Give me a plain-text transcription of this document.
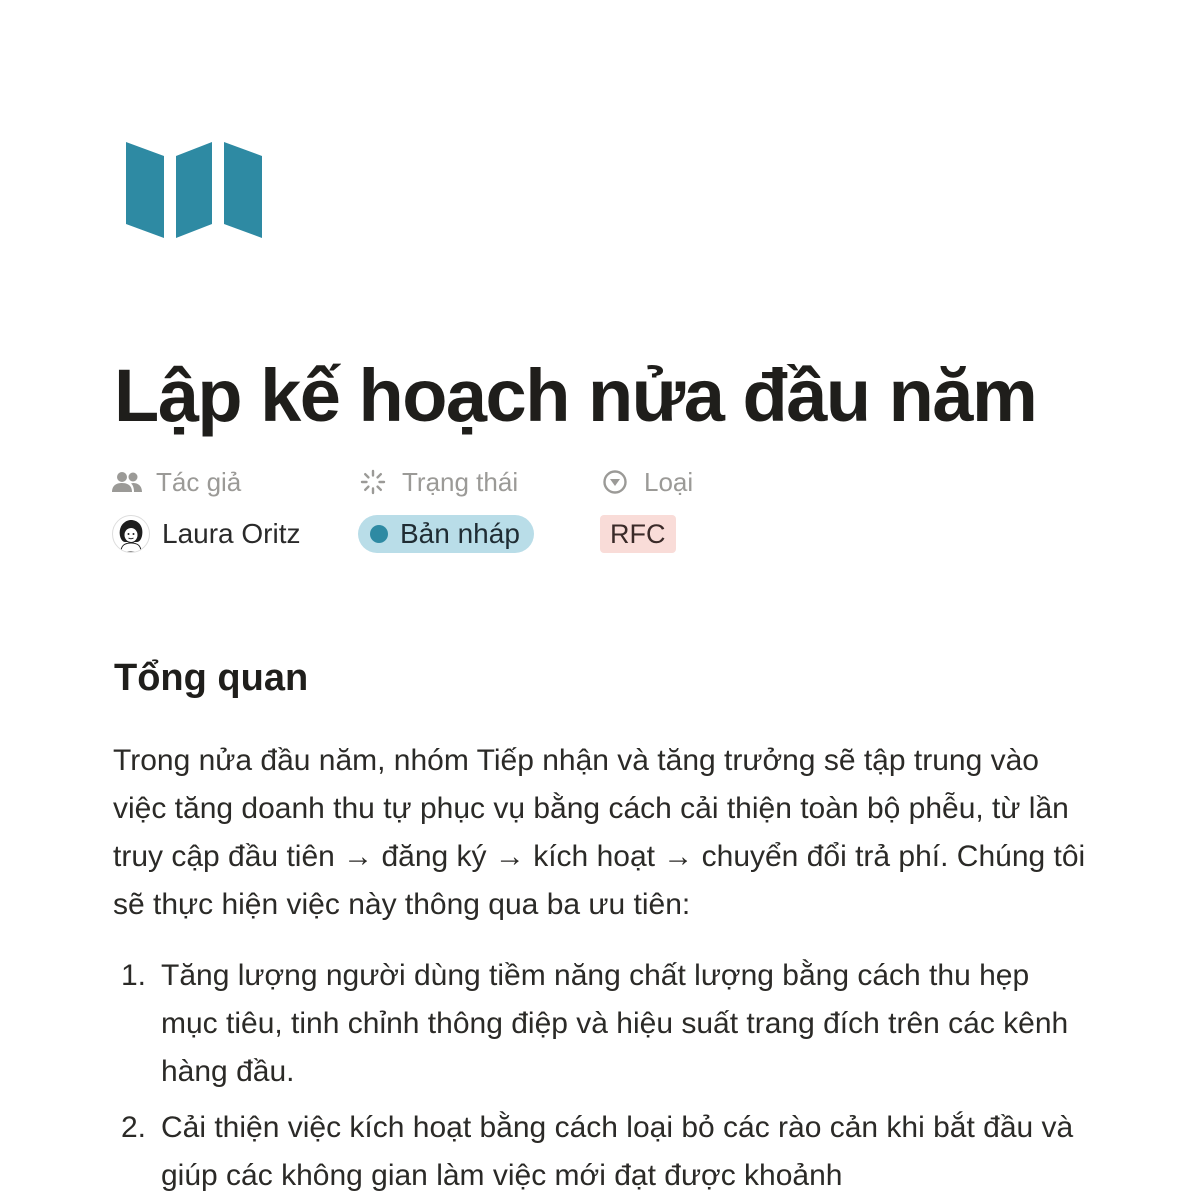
Lập kế hoạch nửa đầu năm
Tác giả
Laura Oritz
Trạng thái
Bản nháp
Loại
RFC
Tổng quan

Trong nửa đầu năm, nhóm Tiếp nhận và tăng trưởng sẽ tập trung vào việc tăng doanh thu tự phục vụ bằng cách cải thiện toàn bộ phễu, từ lần truy cập đầu tiên → đăng ký → kích hoạt → chuyển đổi trả phí. Chúng tôi sẽ thực hiện việc này thông qua ba ưu tiên:

1. Tăng lượng người dùng tiềm năng chất lượng bằng cách thu hẹp mục tiêu, tinh chỉnh thông điệp và hiệu suất trang đích trên các kênh hàng đầu.
2. Cải thiện việc kích hoạt bằng cách loại bỏ các rào cản khi bắt đầu và giúp các không gian làm việc mới đạt được khoảnh
